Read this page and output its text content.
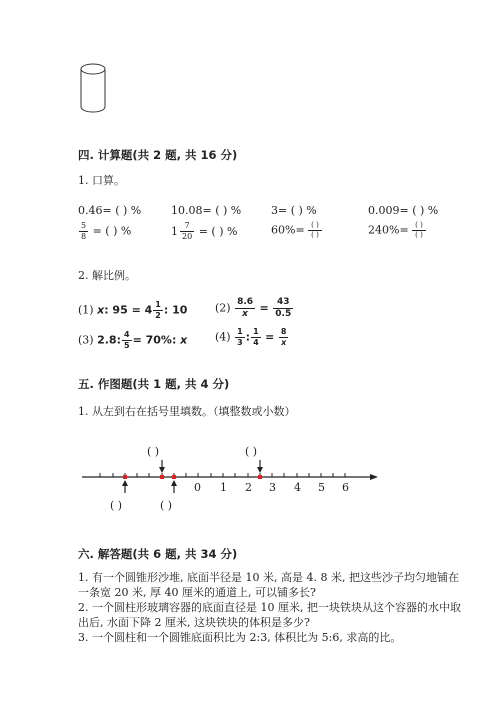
四. 计算题(共 2 题, 共 16 分)
1. 口算。
0.46= ( ) %	10.08= ( ) %	3= ( ) %	0.009= ( ) %
$\frac{5}{8}$ = ( ) %	$1 \frac{7}{20}$ = ( ) %	$60\%= \frac{( )}{( )}$	$240\%= \frac{( )}{( )}$
2. 解比例。
(1) x: $95 = 4 \frac{1}{2}$ : 10	$(2) \frac{8.6}{x} = \frac{43}{0.5}$
(3) 2.8: $\frac{4}{5} = 70\%$: x	$(4) \frac{1}{3}$ : $\frac{1}{4} = \frac{8}{x}$
五. 作图题(共 1 题, 共 4 分)
1. 从左到右在括号里填数。（填整数或小数）
0 1 2 3 4 5 6
( )	( )
( )	( )
六. 解答题(共 6 题, 共 34 分)
1. 有一个圆锥形沙堆, 底面半径是 10 米, 高是 4. 8 米, 把这些沙子均匀地铺在
一条宽 20 米, 厚 40 厘米的通道上, 可以铺多长?
2. 一个圆柱形玻璃容器的底面直径是 10 厘米, 把一块铁块从这个容器的水中取
出后, 水面下降 2 厘米, 这块铁块的体积是多少?
3. 一个圆柱和一个圆锥底面积比为 2:3, 体积比为 5:6, 求高的比。
